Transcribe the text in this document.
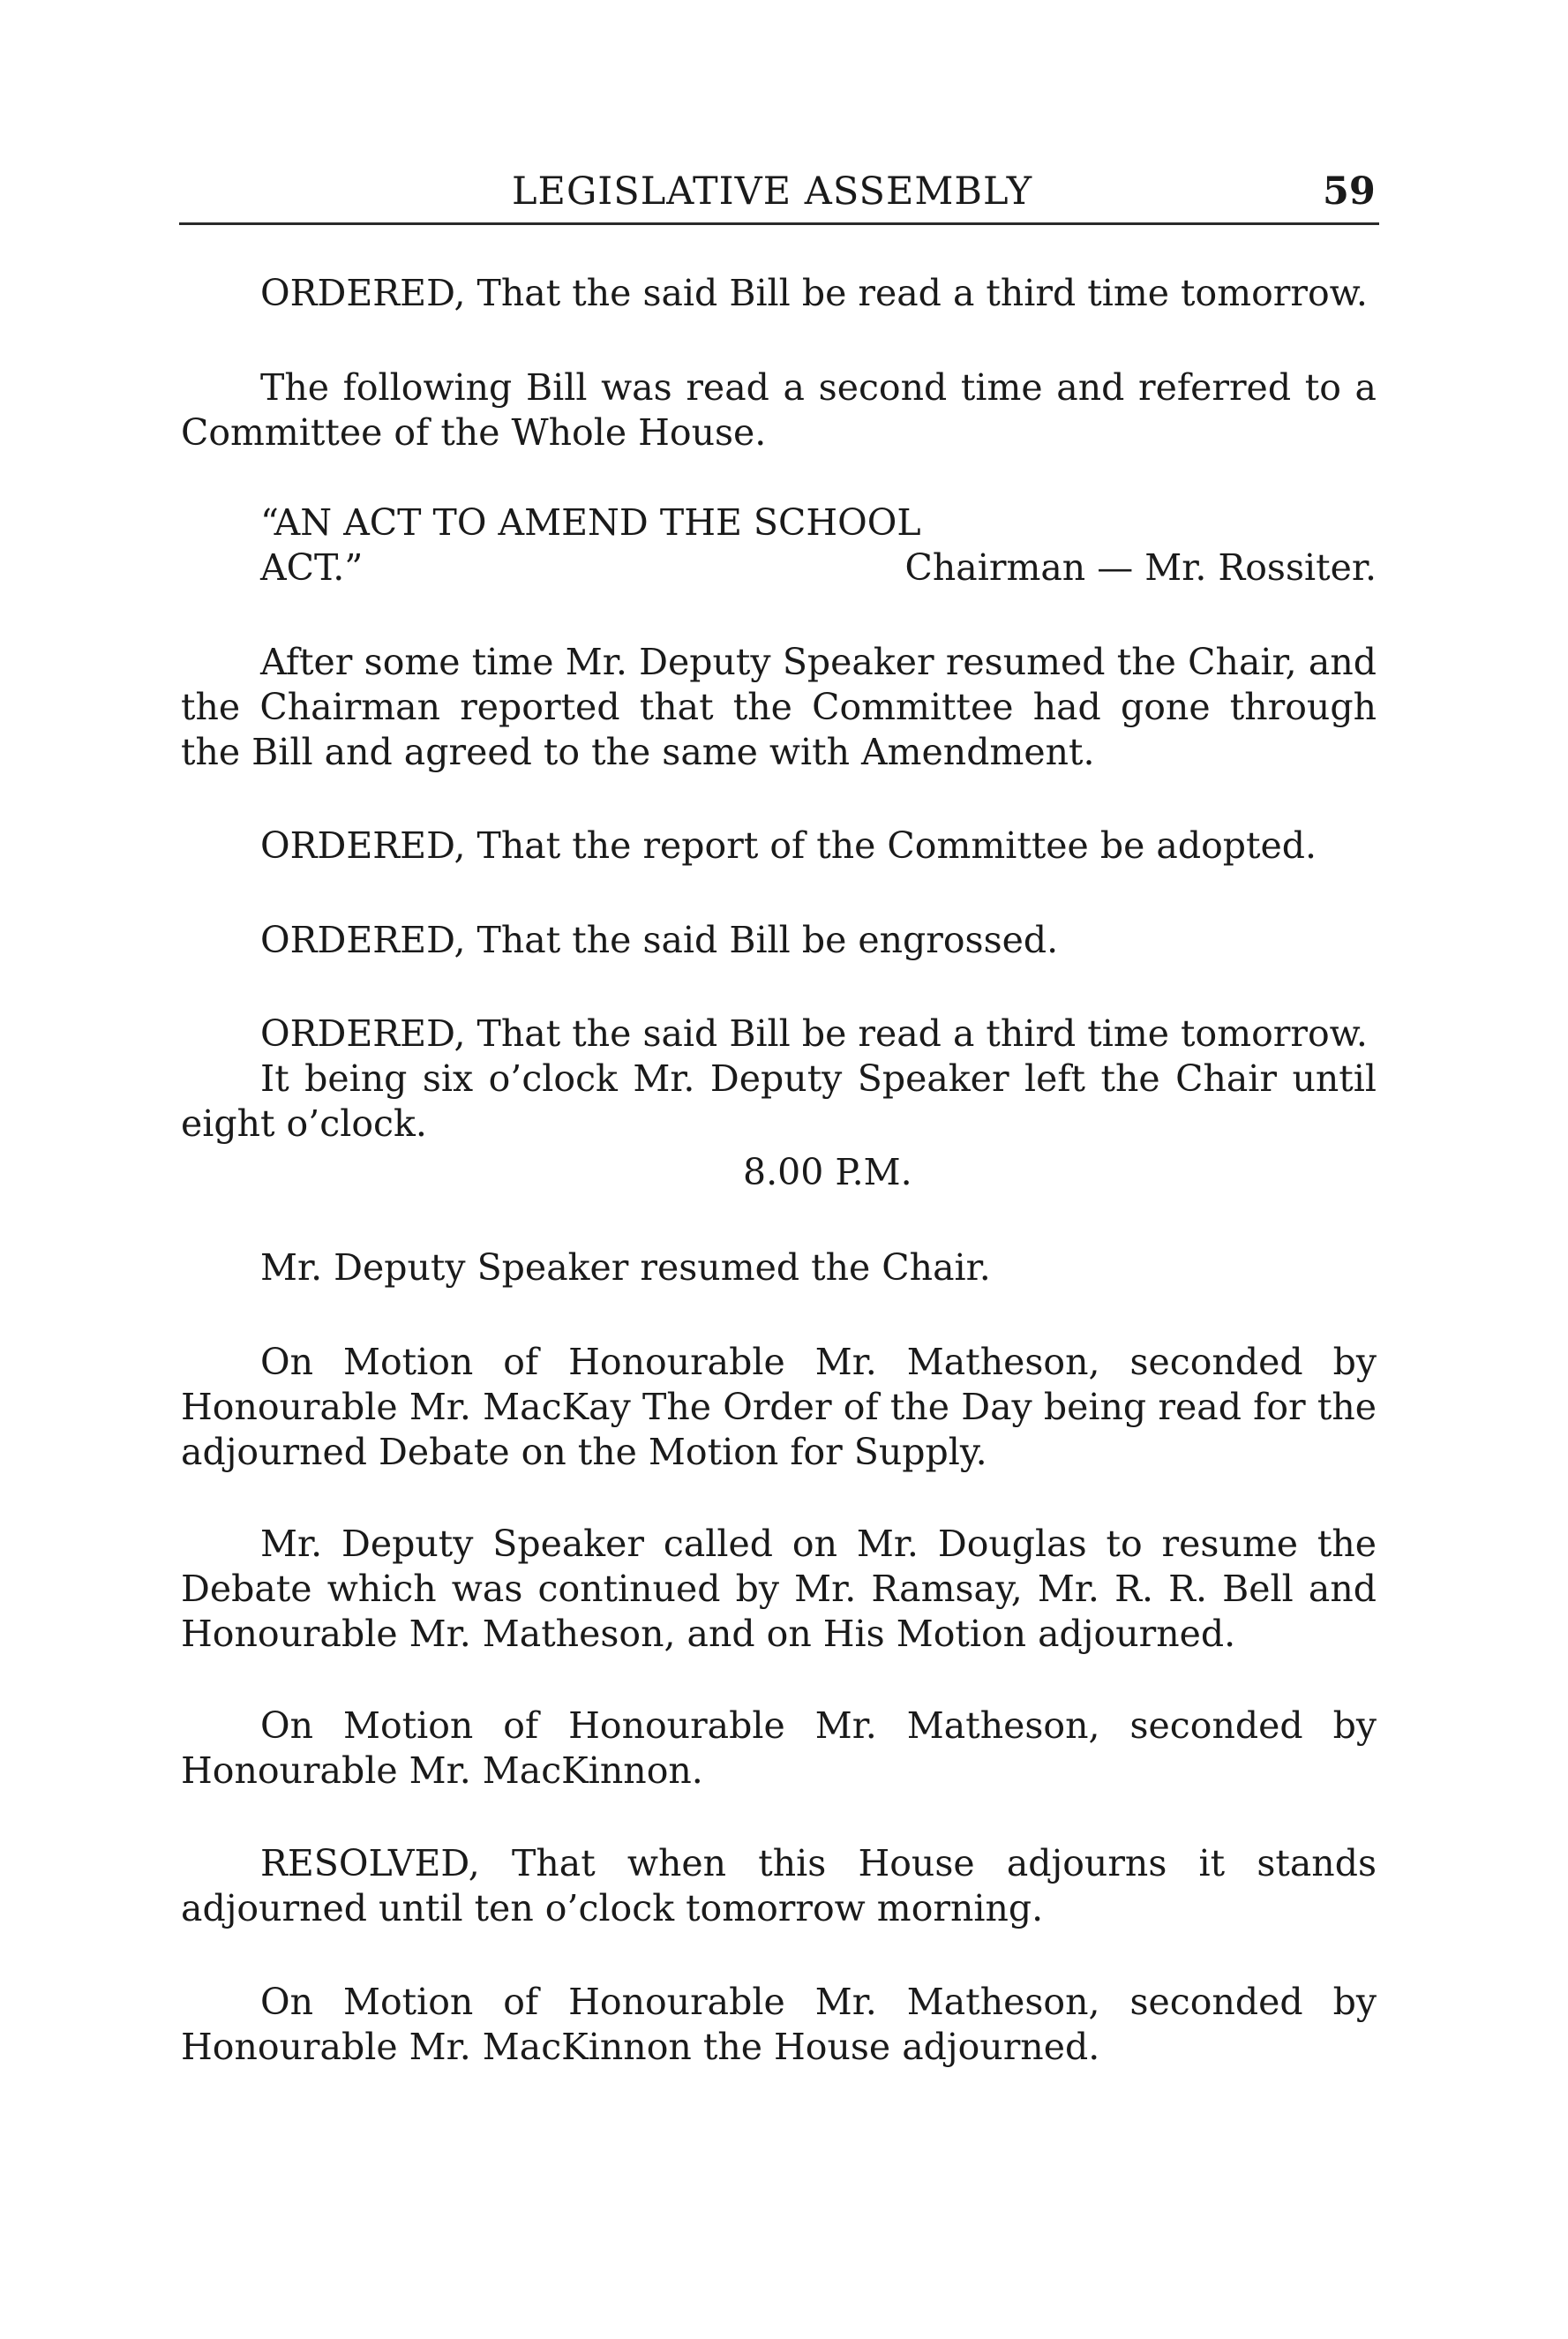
LEGISLATIVE ASSEMBLY	59

ORDERED, That the said Bill be read a third time tomorrow.

The following Bill was read a second time and referred to a Committee of the Whole House.

“AN ACT TO AMEND THE SCHOOL
ACT.”	Chairman — Mr. Rossiter.

After some time Mr. Deputy Speaker resumed the Chair, and the Chairman reported that the Committee had gone through the Bill and agreed to the same with Amendment.

ORDERED, That the report of the Committee be adopted.

ORDERED, That the said Bill be engrossed.

ORDERED, That the said Bill be read a third time tomorrow.

It being six o’clock Mr. Deputy Speaker left the Chair until eight o’clock.

8.00 P.M.

Mr. Deputy Speaker resumed the Chair.

On Motion of Honourable Mr. Matheson, seconded by Honourable Mr. MacKay The Order of the Day being read for the adjourned Debate on the Motion for Supply.

Mr. Deputy Speaker called on Mr. Douglas to resume the Debate which was continued by Mr. Ramsay, Mr. R. R. Bell and Honourable Mr. Matheson, and on His Motion adjourned.

On Motion of Honourable Mr. Matheson, seconded by Honourable Mr. MacKinnon.

RESOLVED, That when this House adjourns it stands adjourned until ten o’clock tomorrow morning.

On Motion of Honourable Mr. Matheson, seconded by Honourable Mr. MacKinnon the House adjourned.
